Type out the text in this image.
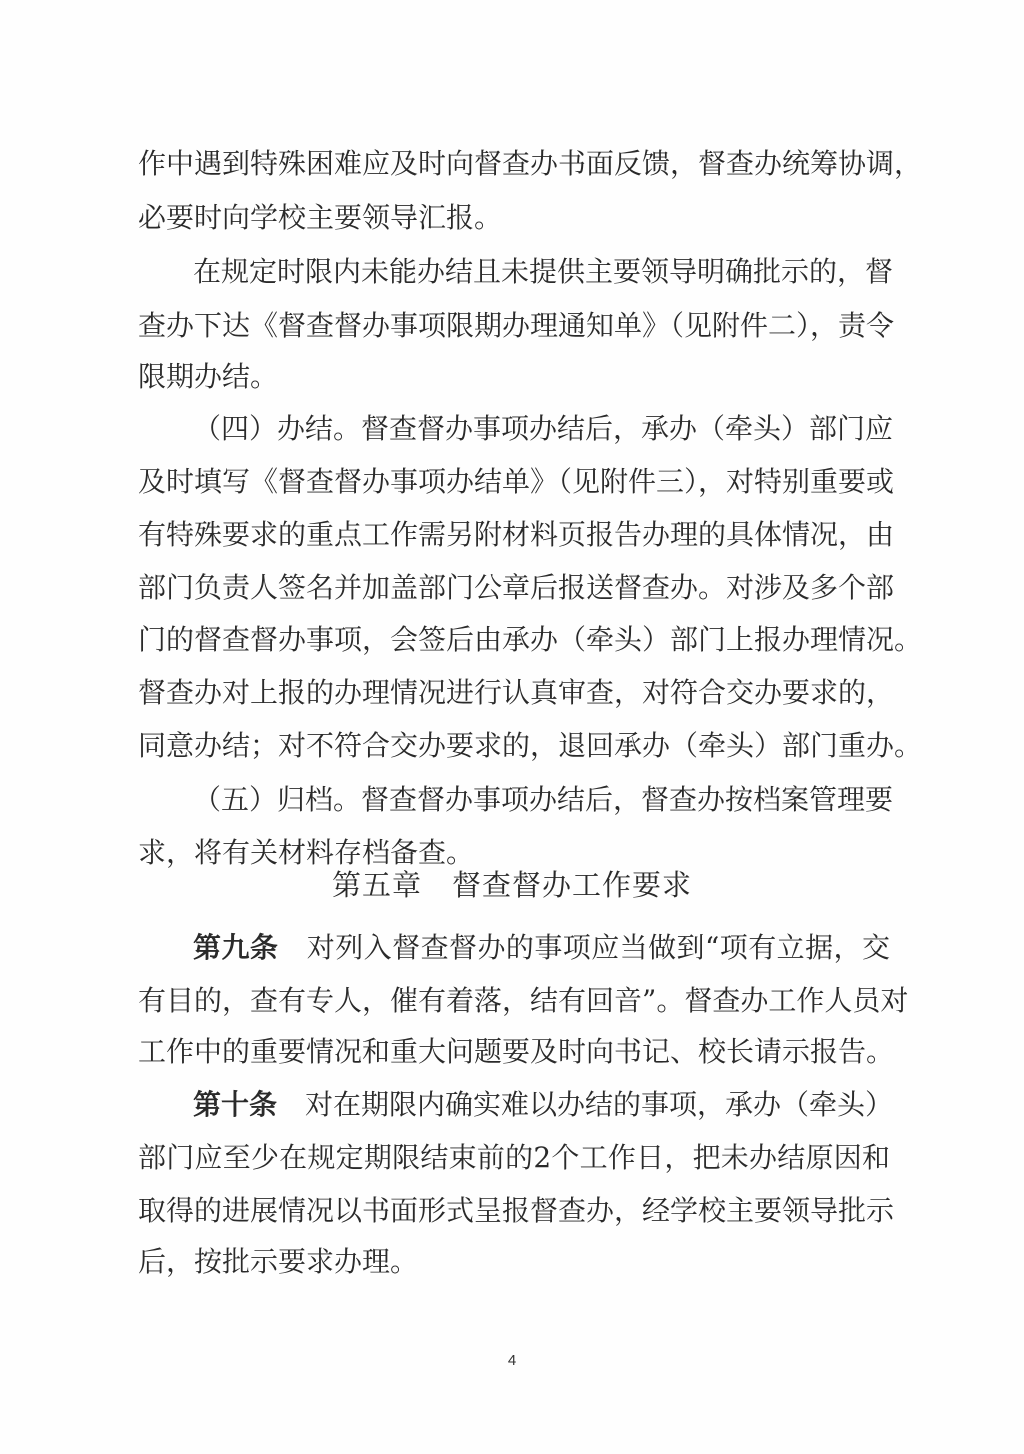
作中遇到特殊困难应及时向督查办书面反馈，督查办统筹协调，
必要时向学校主要领导汇报。
在规定时限内未能办结且未提供主要领导明确批示的，督
查办下达《督查督办事项限期办理通知单》（见附件二），责令
限期办结。
（四）办结。督查督办事项办结后，承办（牵头）部门应
及时填写《督查督办事项办结单》（见附件三），对特别重要或
有特殊要求的重点工作需另附材料页报告办理的具体情况，由
部门负责人签名并加盖部门公章后报送督查办。对涉及多个部
门的督查督办事项，会签后由承办（牵头）部门上报办理情况。
督查办对上报的办理情况进行认真审查，对符合交办要求的，
同意办结；对不符合交办要求的，退回承办（牵头）部门重办。
（五）归档。督查督办事项办结后，督查办按档案管理要
求，将有关材料存档备查。
第五章　督查督办工作要求
第九条 对列入督查督办的事项应当做到“项有立据，交
有目的，查有专人，催有着落，结有回音”。督查办工作人员对
工作中的重要情况和重大问题要及时向书记、校长请示报告。
第十条 对在期限内确实难以办结的事项，承办（牵头）
部门应至少在规定期限结束前的2个工作日，把未办结原因和
取得的进展情况以书面形式呈报督查办，经学校主要领导批示
后，按批示要求办理。
4
